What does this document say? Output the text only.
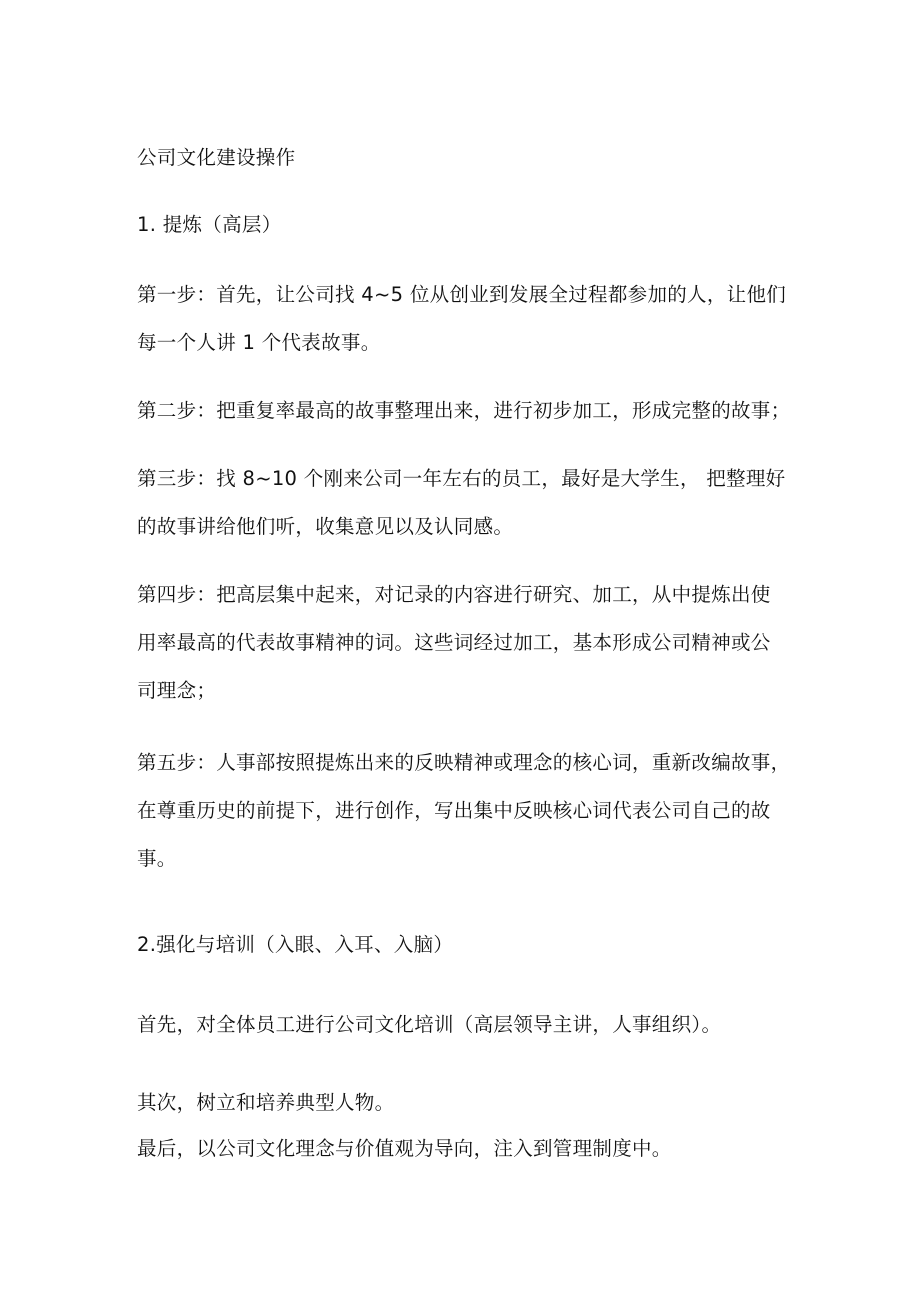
公司文化建设操作

1. 提炼（高层）

第一步：首先，让公司找 4~5 位从创业到发展全过程都参加的人，让他们

每一个人讲 1 个代表故事。

第二步：把重复率最高的故事整理出来，进行初步加工，形成完整的故事；

第三步：找 8~10 个刚来公司一年左右的员工，最好是大学生， 把整理好

的故事讲给他们听，收集意见以及认同感。

第四步：把高层集中起来，对记录的内容进行研究、加工，从中提炼出使

用率最高的代表故事精神的词。这些词经过加工，基本形成公司精神或公

司理念；

第五步：人事部按照提炼出来的反映精神或理念的核心词，重新改编故事，

在尊重历史的前提下，进行创作，写出集中反映核心词代表公司自己的故

事。

2.强化与培训（入眼、入耳、入脑）

首先，对全体员工进行公司文化培训（高层领导主讲，人事组织）。

其次，树立和培养典型人物。

最后，以公司文化理念与价值观为导向，注入到管理制度中。
